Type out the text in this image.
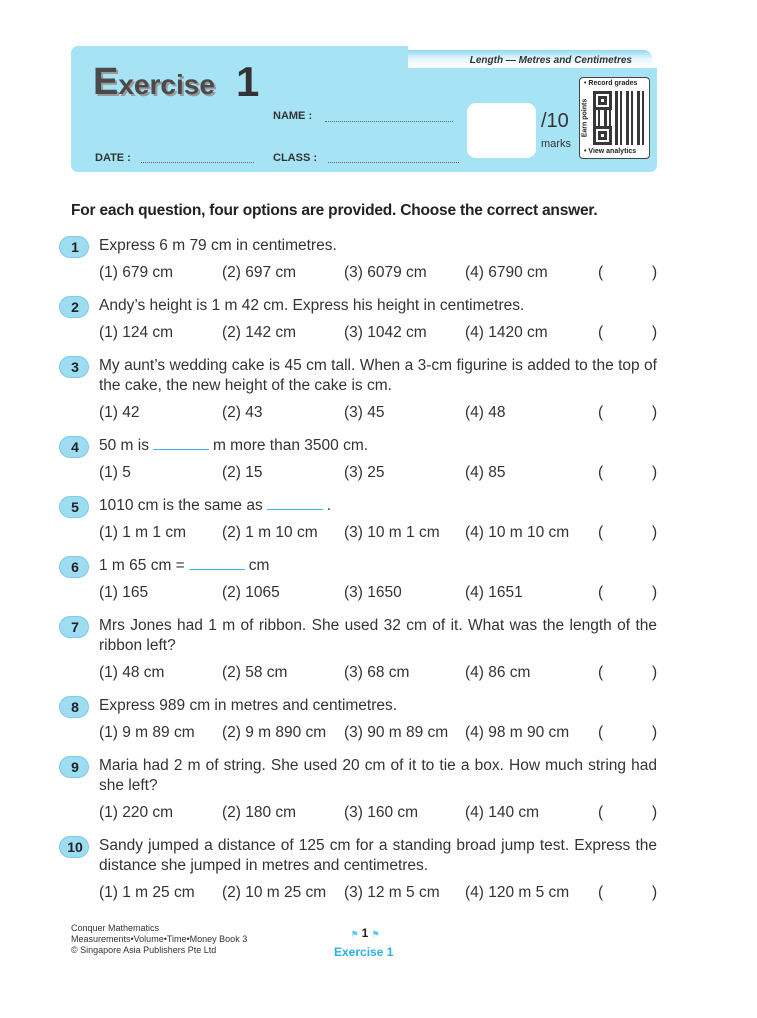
Length — Metres and Centimetres
Exercise 1
NAME :
DATE :	CLASS :
/10
marks
• Record grades
Earn points
• View analytics
For each question, four options are provided. Choose the correct answer.
1	Express 6 m 79 cm in centimetres.
(1) 679 cm	(2) 697 cm	(3) 6079 cm (4) 6790 cm	(	)
2	Andy’s height is 1 m 42 cm. Express his height in centimetres.
(1) 124 cm	(2) 142 cm	(3) 1042 cm (4) 1420 cm	(	)
3	My aunt’s wedding cake is 45 cm tall. When a 3-cm figurine is added to the top of the cake, the new height of the cake is cm.
(1) 42	(2) 43	(3) 45	(4) 48	(	)
4	50 m is	m more than 3500 cm.
(1) 5	(2) 15	(3) 25	(4) 85	(	)
5	1010 cm is the same as	.
(1) 1 m 1 cm (2) 1 m 10 cm (3) 10 m 1 cm (4) 10 m 10 cm (	)
6	1 m 65 cm =	cm
(1) 165	(2) 1065	(3) 1650	(4) 1651	(	)
7	Mrs Jones had 1 m of ribbon. She used 32 cm of it. What was the length of the ribbon left?
(1) 48 cm	(2) 58 cm	(3) 68 cm	(4) 86 cm	(	)
8	Express 989 cm in metres and centimetres.
(1) 9 m 89 cm (2) 9 m 890 cm (3) 90 m 89 cm (4) 98 m 90 cm (	)
9	Maria had 2 m of string. She used 20 cm of it to tie a box. How much string had she left?
(1) 220 cm	(2) 180 cm	(3) 160 cm	(4) 140 cm	(	)
10	Sandy jumped a distance of 125 cm for a standing broad jump test. Express the distance she jumped in metres and centimetres.
(1) 1 m 25 cm (2) 10 m 25 cm (3) 12 m 5 cm (4) 120 m 5 cm (	)
Conquer Mathematics
Measurements•Volume•Time•Money Book 3
© Singapore Asia Publishers Pte Ltd
⚑ 1 ⚑
Exercise 1
